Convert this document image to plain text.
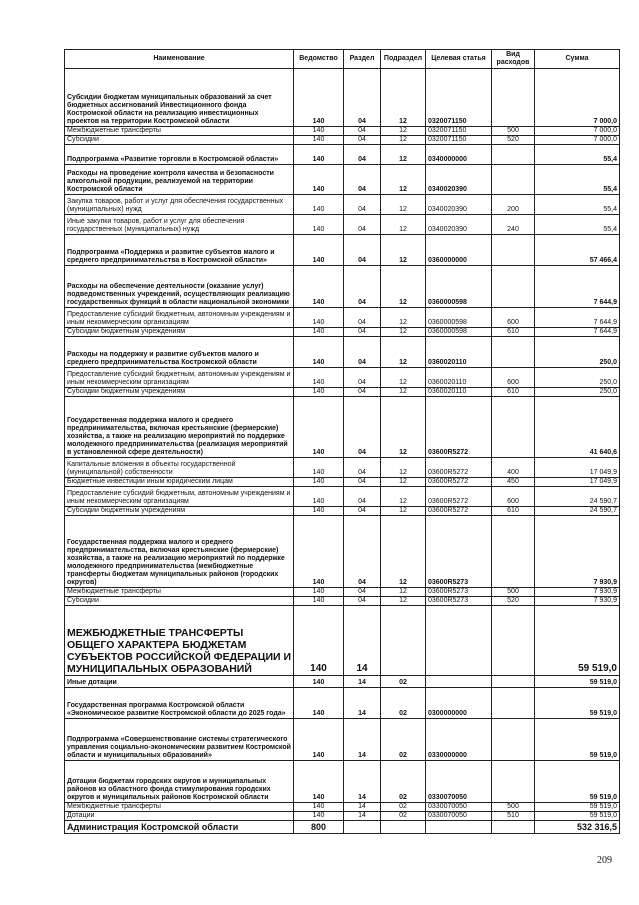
Наименование	Ведомство	Раздел	Подраздел	Целевая статья	Вид расходов	Сумма
Субсидии бюджетам муниципальных образований за счет бюджетных ассигнований Инвестиционного фонда Костромской области на реализацию инвестиционных проектов на территории Костромской области	140	04	12	0320071150		7 000,0
Межбюджетные трансферты	140	04	12	0320071150	500	7 000,0
Субсидии	140	04	12	0320071150	520	7 000,0
Подпрограмма «Развитие торговли в Костромской области»	140	04	12	0340000000		55,4
Расходы на проведение контроля качества и безопасности алкогольной продукции, реализуемой на территории Костромской области	140	04	12	0340020390		55,4
Закупка товаров, работ и услуг для обеспечения государственных (муниципальных) нужд	140	04	12	0340020390	200	55,4
Иные закупки товаров, работ и услуг для обеспечения государственных (муниципальных) нужд	140	04	12	0340020390	240	55,4
Подпрограмма «Поддержка и развитие субъектов малого и среднего предпринимательства в Костромской области»	140	04	12	0360000000		57 466,4
Расходы на обеспечение деятельности (оказание услуг) подведомственных учреждений, осуществляющих реализацию государственных функций в области национальной экономики	140	04	12	0360000598		7 644,9
Предоставление субсидий бюджетным, автономным учреждениям и иным некоммерческим организациям	140	04	12	0360000598	600	7 644,9
Субсидии бюджетным учреждениям	140	04	12	0360000598	610	7 644,9
Расходы на поддержку и развитие субъектов малого и среднего предпринимательства Костромской области	140	04	12	0360020110		250,0
Предоставление субсидий бюджетным, автономным учреждениям и иным некоммерческим организациям	140	04	12	0360020110	600	250,0
Субсидии бюджетным учреждениям	140	04	12	0360020110	610	250,0
Государственная поддержка малого и среднего предпринимательства, включая крестьянские (фермерские) хозяйства, а также на реализацию мероприятий по поддержке молодежного предпринимательства (реализация мероприятий в установленной сфере деятельности)	140	04	12	03600R5272		41 640,6
Капитальные вложения в объекты государственной (муниципальной) собственности	140	04	12	03600R5272	400	17 049,9
Бюджетные инвестиции иным юридическим лицам	140	04	12	03600R5272	450	17 049,9
Предоставление субсидий бюджетным, автономным учреждениям и иным некоммерческим организациям	140	04	12	03600R5272	600	24 590,7
Субсидии бюджетным учреждениям	140	04	12	03600R5272	610	24 590,7
Государственная поддержка малого и среднего предпринимательства, включая крестьянские (фермерские) хозяйства, а также на реализацию мероприятий по поддержке молодежного предпринимательства (межбюджетные трансферты бюджетам муниципальных районов (городских округов)	140	04	12	03600R5273		7 930,9
Межбюджетные трансферты	140	04	12	03600R5273	500	7 930,9
Субсидии	140	04	12	03600R5273	520	7 930,9
МЕЖБЮДЖЕТНЫЕ ТРАНСФЕРТЫ ОБЩЕГО ХАРАКТЕРА БЮДЖЕТАМ СУБЪЕКТОВ РОССИЙСКОЙ ФЕДЕРАЦИИ И МУНИЦИПАЛЬНЫХ ОБРАЗОВАНИЙ	140	14				59 519,0
Иные дотации	140	14	02			59 519,0
Государственная программа Костромской области «Экономическое развитие Костромской области до 2025 года»	140	14	02	0300000000		59 519,0
Подпрограмма «Совершенствование системы стратегического управления социально-экономическим развитием Костромской области и муниципальных образований»	140	14	02	0330000000		59 519,0
Дотации бюджетам городских округов и муниципальных районов из областного фонда стимулирования городских округов и муниципальных районов Костромской области	140	14	02	0330070050		59 519,0
Межбюджетные трансферты	140	14	02	0330070050	500	59 519,0
Дотации	140	14	02	0330070050	510	59 519,0
Администрация Костромской области	800					532 316,5
209
